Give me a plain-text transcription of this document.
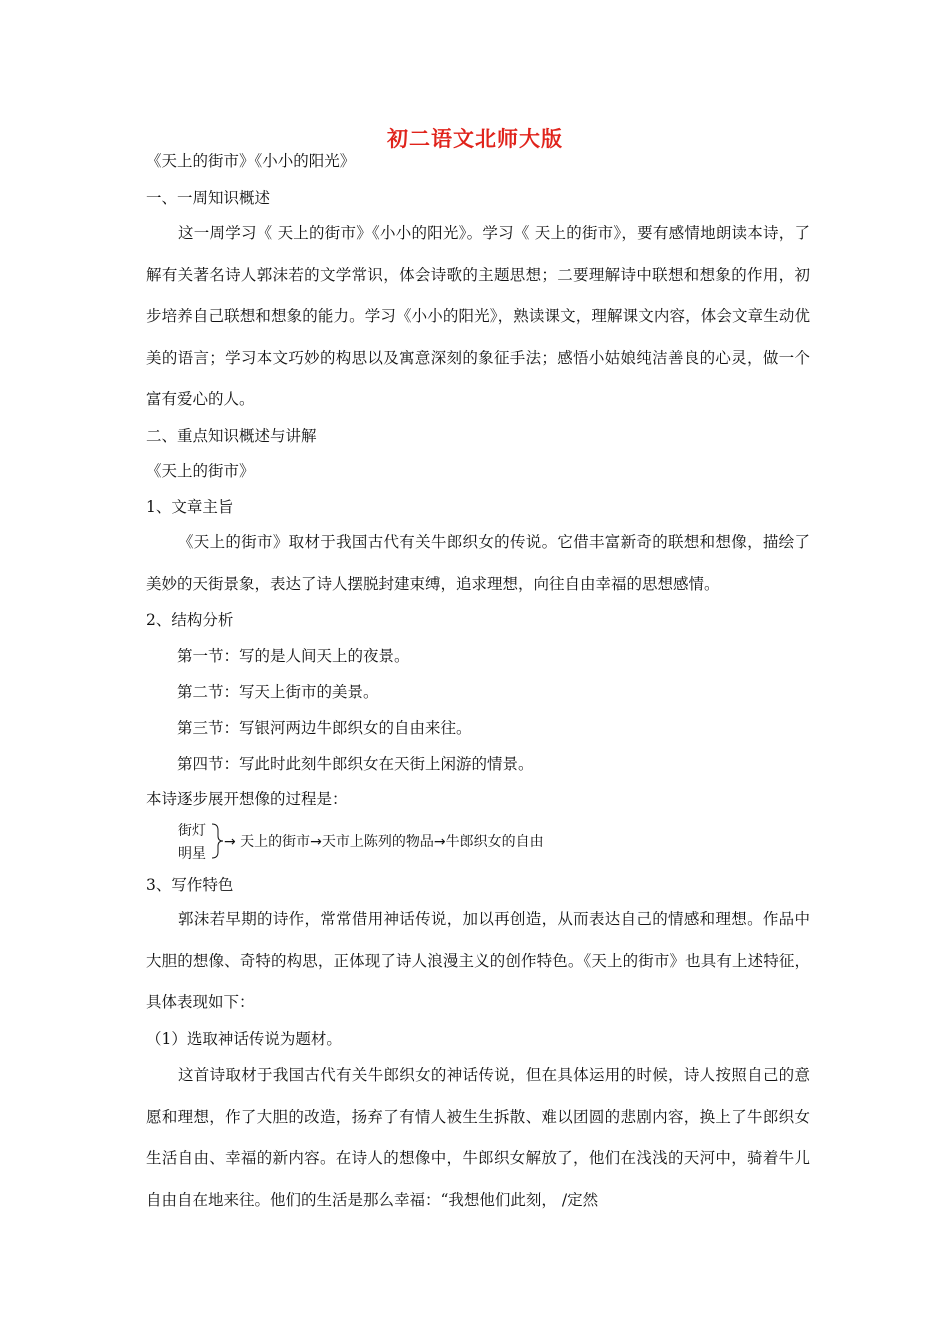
初二语文北师大版
《天上的街市》《小小的阳光》
一、一周知识概述
这一周学习《 天上的街市》《小小的阳光》。学习《 天上的街市》，要有感情地朗读本诗，了解有关著名诗人郭沫若的文学常识，体会诗歌的主题思想；二要理解诗中联想和想象的作用，初步培养自己联想和想象的能力。学习《小小的阳光》，熟读课文，理解课文内容，体会文章生动优美的语言；学习本文巧妙的构思以及寓意深刻的象征手法；感悟小姑娘纯洁善良的心灵，做一个富有爱心的人。
二、重点知识概述与讲解
《天上的街市》
1、文章主旨
《天上的街市》取材于我国古代有关牛郎织女的传说。它借丰富新奇的联想和想像，描绘了美妙的天街景象，表达了诗人摆脱封建束缚，追求理想，向往自由幸福的思想感情。
2、结构分析
第一节：写的是人间天上的夜景。
第二节：写天上街市的美景。
第三节：写银河两边牛郎织女的自由来往。
第四节：写此时此刻牛郎织女在天街上闲游的情景。
本诗逐步展开想像的过程是：
街灯
明星
→ 天上的街市→天市上陈列的物品→牛郎织女的自由
3、写作特色
郭沫若早期的诗作，常常借用神话传说，加以再创造，从而表达自己的情感和理想。作品中大胆的想像、奇特的构思，正体现了诗人浪漫主义的创作特色。《天上的街市》也具有上述特征，具体表现如下：
（1）选取神话传说为题材。
这首诗取材于我国古代有关牛郎织女的神话传说，但在具体运用的时候，诗人按照自己的意愿和理想，作了大胆的改造，扬弃了有情人被生生拆散、难以团圆的悲剧内容，换上了牛郎织女生活自由、幸福的新内容。在诗人的想像中，牛郎织女解放了，他们在浅浅的天河中，骑着牛儿自由自在地来往。他们的生活是那么幸福：“我想他们此刻， /定然
